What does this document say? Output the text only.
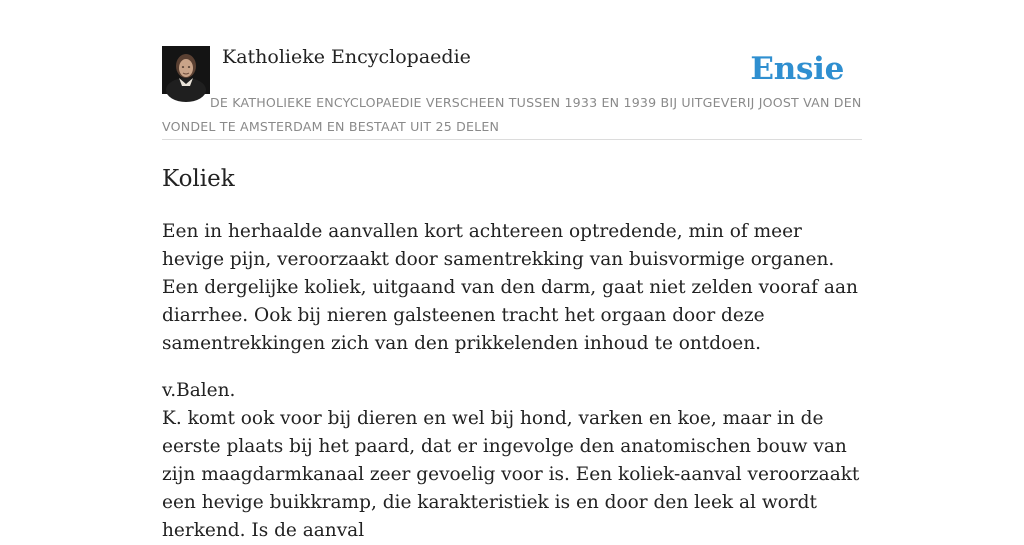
Katholieke Encyclopaedie	Ensie
DE KATHOLIEKE ENCYCLOPAEDIE VERSCHEEN TUSSEN 1933 EN 1939 BIJ UITGEVERIJ JOOST VAN DEN VONDEL TE AMSTERDAM EN BESTAAT UIT 25 DELEN
Koliek

Een in herhaalde aanvallen kort achtereen optredende, min of meer hevige pijn, veroorzaakt door samentrekking van buisvormige organen. Een dergelijke koliek, uitgaand van den darm, gaat niet zelden vooraf aan diarrhee. Ook bij nieren galsteenen tracht het orgaan door deze samentrekkingen zich van den prikkelenden inhoud te ontdoen.

v.Balen.
K. komt ook voor bij dieren en wel bij hond, varken en koe, maar in de eerste plaats bij het paard, dat er ingevolge den anatomischen bouw van zijn maagdarmkanaal zeer gevoelig voor is. Een koliek-aanval veroorzaakt een hevige buikkramp, die karakteristiek is en door den leek al wordt herkend. Is de aanval
